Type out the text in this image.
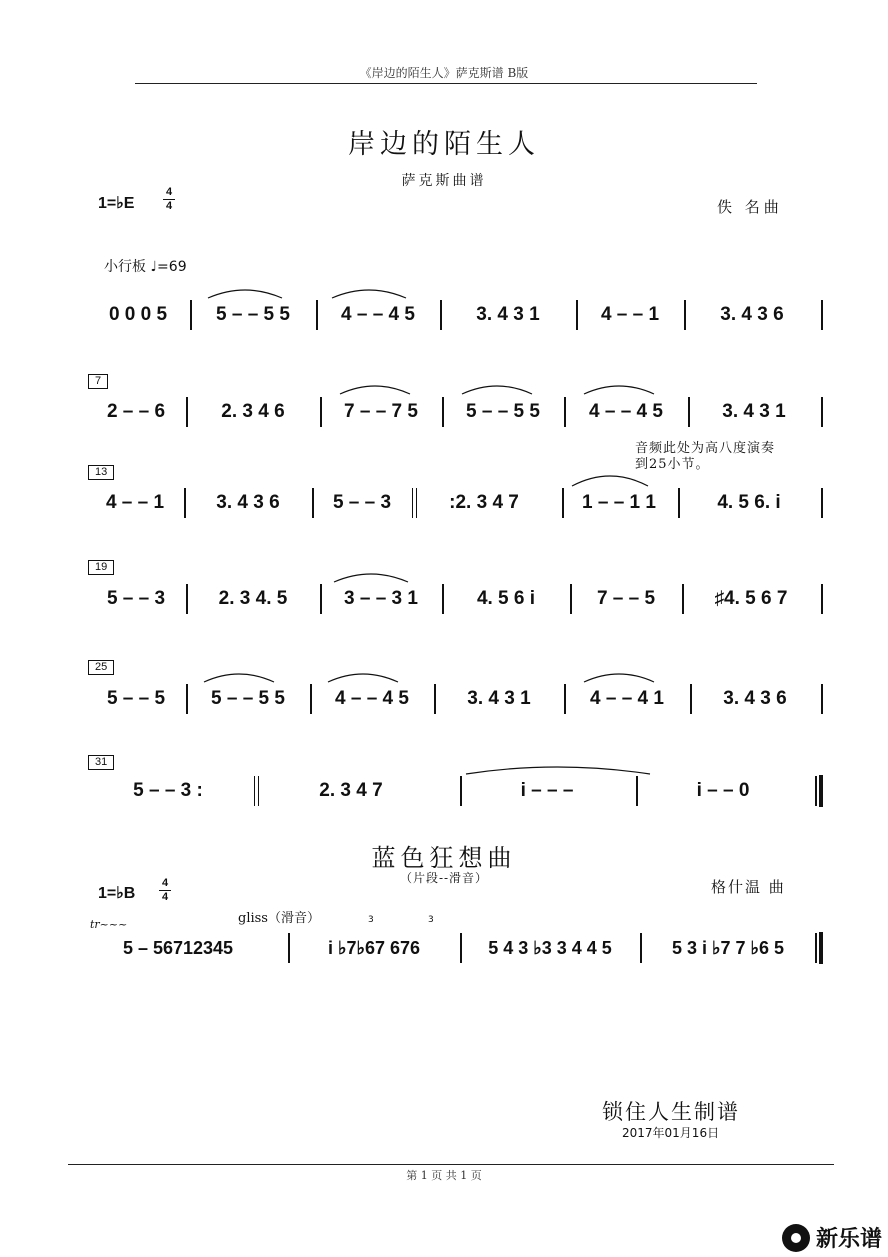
《岸边的陌生人》萨克斯谱 B版
岸边的陌生人
萨克斯曲谱
1=♭E
4
4	佚 名曲
小行板 ♩=69
0 0 0 5	5 – – 5 5	4 – – 4 5	3. 4 3 1	4 – – 1	3. 4 3 6
7
2 – – 6	2. 3 4 6	7 – – 7 5	5 – – 5 5	4 – – 4 5	3. 4 3 1
音频此处为高八度演奏
到25小节。
13
4 – – 1	3. 4 3 6	5 – – 3	:2. 3 4 7	1 – – 1 1	4. 5 6. i
19
5 – – 3	2. 3 4. 5	3 – – 3 1	4. 5 6 i	7 – – 5	♯4. 5 6 7
25
5 – – 5	5 – – 5 5	4 – – 4 5	3. 4 3 1	4 – – 4 1	3. 4 3 6
31
5 – – 3 :	2. 3 4 7	i – – –	i – – 0
蓝色狂想曲
（片段--滑音）
1=♭B
4
4
格什温 曲
gliss（滑音）
tr~~~	3	3
5 – 56712345	i ♭7♭67 676	5 4 3 ♭3 3 4 4 5	5 3 i ♭7 7 ♭6 5
锁住人生制谱
2017年01月16日
第 1 页 共 1 页
新乐谱
